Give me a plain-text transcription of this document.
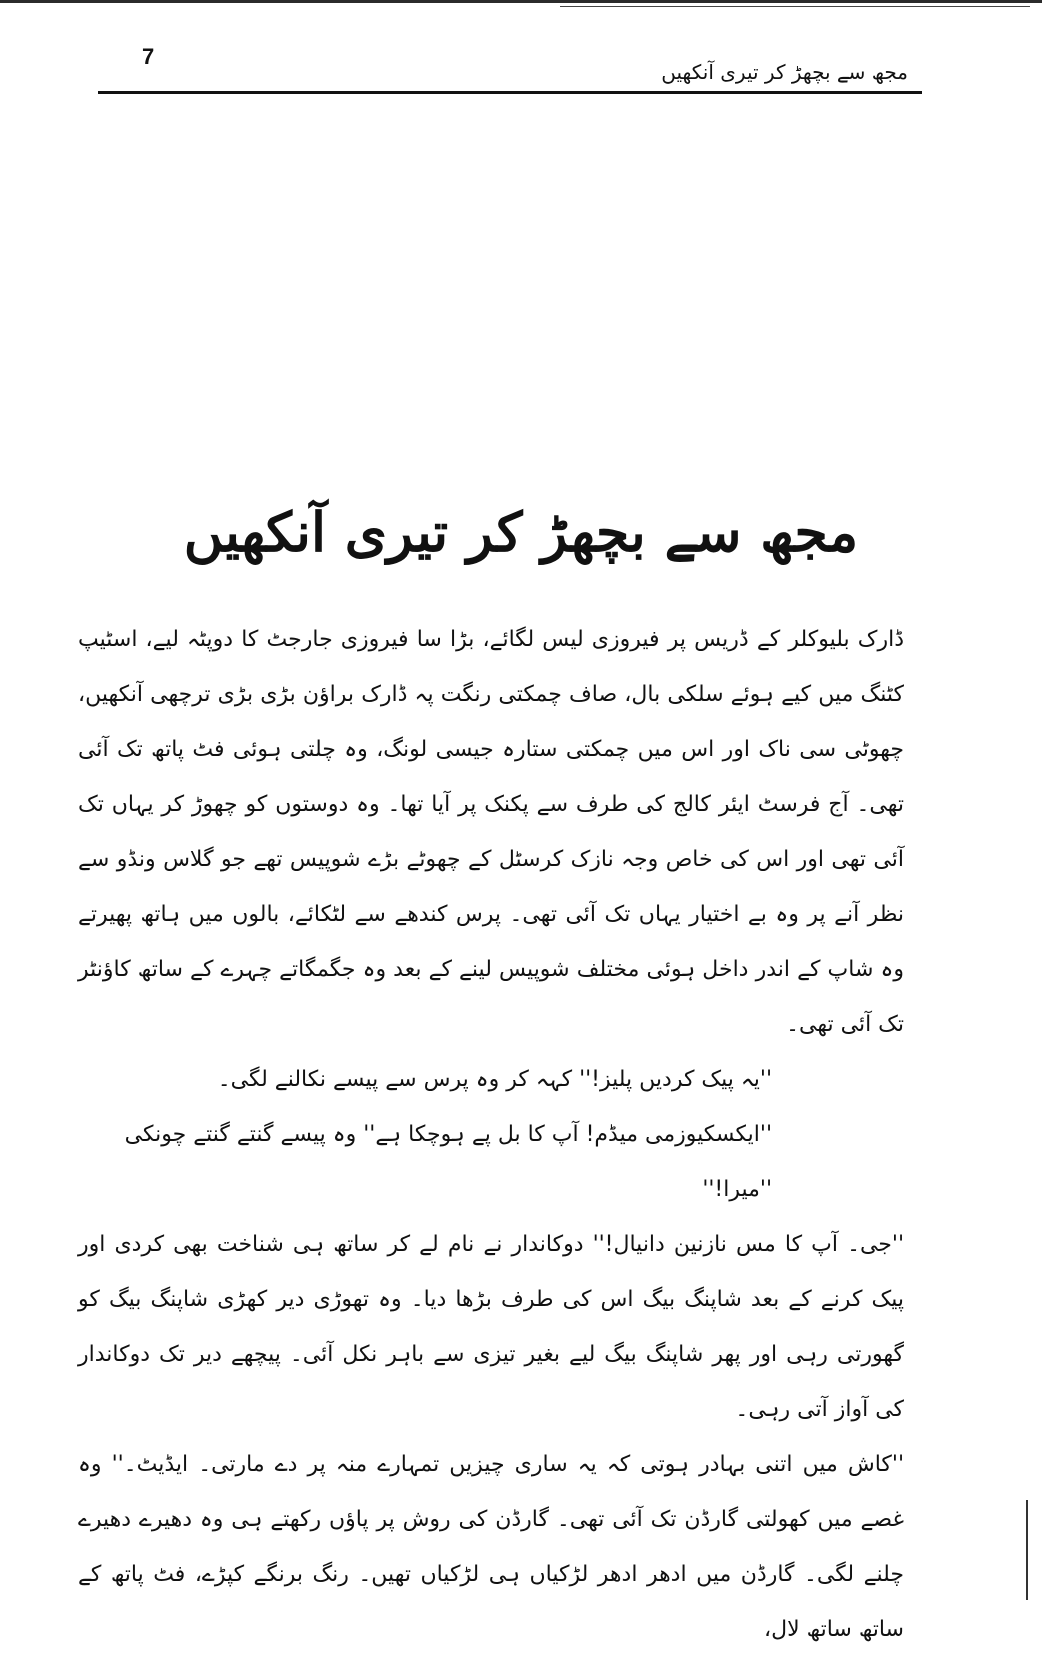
7
مجھ سے بچھڑ کر تیری آنکھیں
مجھ سے بچھڑ کر تیری آنکھیں

ڈارک بلیوکلر کے ڈریس پر فیروزی لیس لگائے، بڑا سا فیروزی جارجٹ کا دوپٹہ لیے، اسٹیپ کٹنگ میں کیے ہوئے سلکی بال، صاف چمکتی رنگت پہ ڈارک براؤن بڑی بڑی ترچھی آنکھیں، چھوٹی سی ناک اور اس میں چمکتی ستارہ جیسی لونگ، وہ چلتی ہوئی فٹ پاتھ تک آئی تھی۔ آج فرسٹ ایئر کالج کی طرف سے پکنک پر آیا تھا۔ وہ دوستوں کو چھوڑ کر یہاں تک آئی تھی اور اس کی خاص وجہ نازک کرسٹل کے چھوٹے بڑے شوپیس تھے جو گلاس ونڈو سے نظر آنے پر وہ بے اختیار یہاں تک آئی تھی۔ پرس کندھے سے لٹکائے، بالوں میں ہاتھ پھیرتے وہ شاپ کے اندر داخل ہوئی مختلف شوپیس لینے کے بعد وہ جگمگاتے چہرے کے ساتھ کاؤنٹر تک آئی تھی۔

''یہ پیک کردیں پلیز!'' کہہ کر وہ پرس سے پیسے نکالنے لگی۔

''ایکسکیوزمی میڈم! آپ کا بل پے ہوچکا ہے'' وہ پیسے گنتے گنتے چونکی

''میرا!''

''جی۔ آپ کا مس نازنین دانیال!'' دوکاندار نے نام لے کر ساتھ ہی شناخت بھی کردی اور پیک کرنے کے بعد شاپنگ بیگ اس کی طرف بڑھا دیا۔ وہ تھوڑی دیر کھڑی شاپنگ بیگ کو گھورتی رہی اور پھر شاپنگ بیگ لیے بغیر تیزی سے باہر نکل آئی۔ پیچھے دیر تک دوکاندار کی آواز آتی رہی۔

''کاش میں اتنی بہادر ہوتی کہ یہ ساری چیزیں تمہارے منہ پر دے مارتی۔ ایڈیٹ۔'' وہ غصے میں کھولتی گارڈن تک آئی تھی۔ گارڈن کی روش پر پاؤں رکھتے ہی وہ دھیرے دھیرے چلنے لگی۔ گارڈن میں ادھر ادھر لڑکیاں ہی لڑکیاں تھیں۔ رنگ برنگے کپڑے، فٹ پاتھ کے ساتھ ساتھ لال،
